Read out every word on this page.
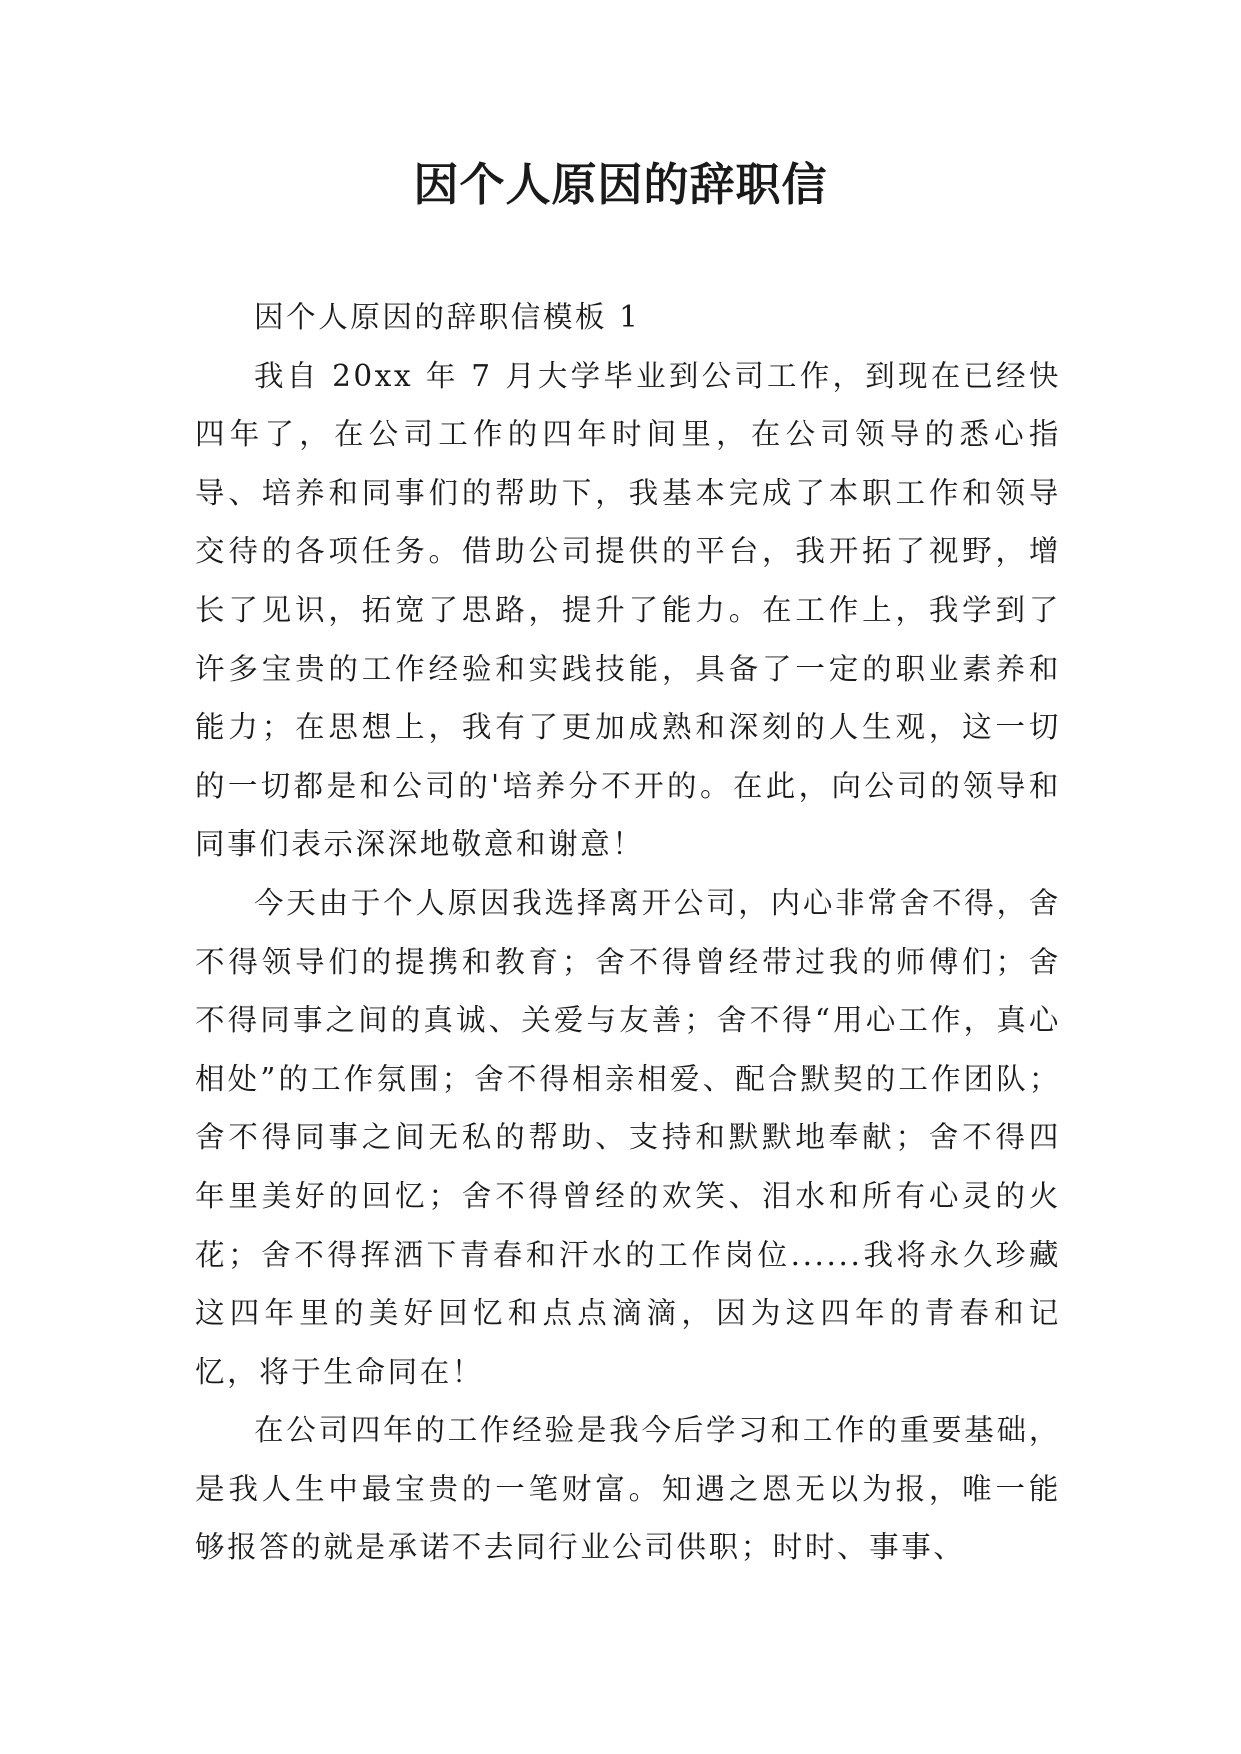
因个人原因的辞职信

因个人原因的辞职信模板 1

我自 20xx 年 7 月大学毕业到公司工作，到现在已经快四年了，在公司工作的四年时间里，在公司领导的悉心指导、培养和同事们的帮助下，我基本完成了本职工作和领导交待的各项任务。借助公司提供的平台，我开拓了视野，增长了见识，拓宽了思路，提升了能力。在工作上，我学到了许多宝贵的工作经验和实践技能，具备了一定的职业素养和能力；在思想上，我有了更加成熟和深刻的人生观，这一切的一切都是和公司的'培养分不开的。在此，向公司的领导和同事们表示深深地敬意和谢意！

今天由于个人原因我选择离开公司，内心非常舍不得，舍不得领导们的提携和教育；舍不得曾经带过我的师傅们；舍不得同事之间的真诚、关爱与友善；舍不得“用心工作，真心相处”的工作氛围；舍不得相亲相爱、配合默契的工作团队；舍不得同事之间无私的帮助、支持和默默地奉献；舍不得四年里美好的回忆；舍不得曾经的欢笑、泪水和所有心灵的火花；舍不得挥洒下青春和汗水的工作岗位......我将永久珍藏这四年里的美好回忆和点点滴滴，因为这四年的青春和记忆，将于生命同在！

在公司四年的工作经验是我今后学习和工作的重要基础，是我人生中最宝贵的一笔财富。知遇之恩无以为报，唯一能够报答的就是承诺不去同行业公司供职；时时、事事、
